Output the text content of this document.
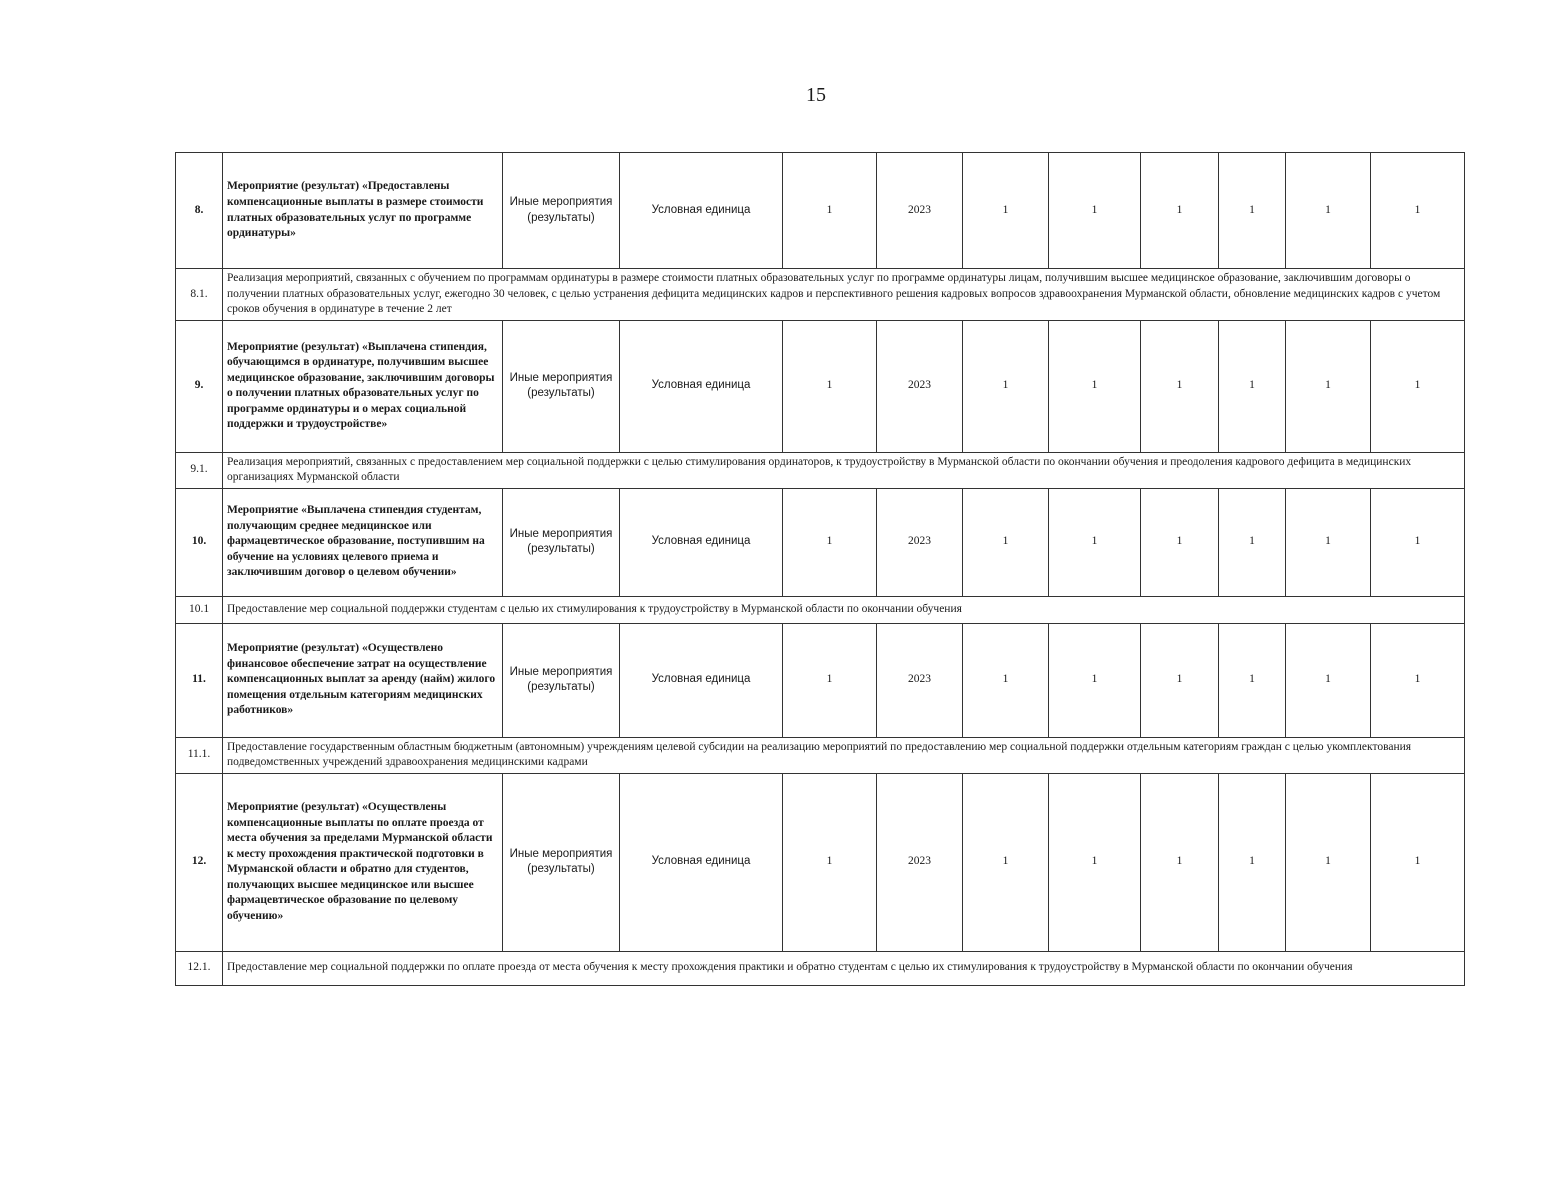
15
8.	Мероприятие (результат) «Предоставлены компенсационные выплаты в размере стоимости платных образовательных услуг по программе ординатуры»	Иные мероприятия (результаты)	Условная единица	1	2023	1	1	1	1	1	1
8.1.	Реализация мероприятий, связанных с обучением по программам ординатуры в размере стоимости платных образовательных услуг по программе ординатуры лицам, получившим высшее медицинское образование, заключившим договоры о получении платных образовательных услуг, ежегодно 30 человек, с целью устранения дефицита медицинских кадров и перспективного решения кадровых вопросов здравоохранения Мурманской области, обновление медицинских кадров с учетом сроков обучения в ординатуре в течение 2 лет										
9.	Мероприятие (результат) «Выплачена стипендия, обучающимся в ординатуре, получившим высшее медицинское образование, заключившим договоры о получении платных образовательных услуг по программе ординатуры и о мерах социальной поддержки и трудоустройстве»	Иные мероприятия (результаты)	Условная единица	1	2023	1	1	1	1	1	1
9.1.	Реализация мероприятий, связанных с предоставлением мер социальной поддержки с целью стимулирования ординаторов, к трудоустройству в Мурманской области по окончании обучения и преодоления кадрового дефицита в медицинских организациях Мурманской области										
10.	Мероприятие «Выплачена стипендия студентам, получающим среднее медицинское или фармацевтическое образование, поступившим на обучение на условиях целевого приема и заключившим договор о целевом обучении»	Иные мероприятия (результаты)	Условная единица	1	2023	1	1	1	1	1	1
10.1	Предоставление мер социальной поддержки студентам с целью их стимулирования к трудоустройству в Мурманской области по окончании обучения										
11.	Мероприятие (результат) «Осуществлено финансовое обеспечение затрат на осуществление компенсационных выплат за аренду (найм) жилого помещения отдельным категориям медицинских работников»	Иные мероприятия (результаты)	Условная единица	1	2023	1	1	1	1	1	1
11.1.	Предоставление государственным областным бюджетным (автономным) учреждениям целевой субсидии на реализацию мероприятий по предоставлению мер социальной поддержки отдельным категориям граждан с целью укомплектования подведомственных учреждений здравоохранения медицинскими кадрами										
12.	Мероприятие (результат) «Осуществлены компенсационные выплаты по оплате проезда от места обучения за пределами Мурманской области к месту прохождения практической подготовки в Мурманской области и обратно для студентов, получающих высшее медицинское или высшее фармацевтическое образование по целевому обучению»	Иные мероприятия (результаты)	Условная единица	1	2023	1	1	1	1	1	1
12.1.	Предоставление мер социальной поддержки по оплате проезда от места обучения к месту прохождения практики и обратно студентам с целью их стимулирования к трудоустройству в Мурманской области по окончании обучения										
